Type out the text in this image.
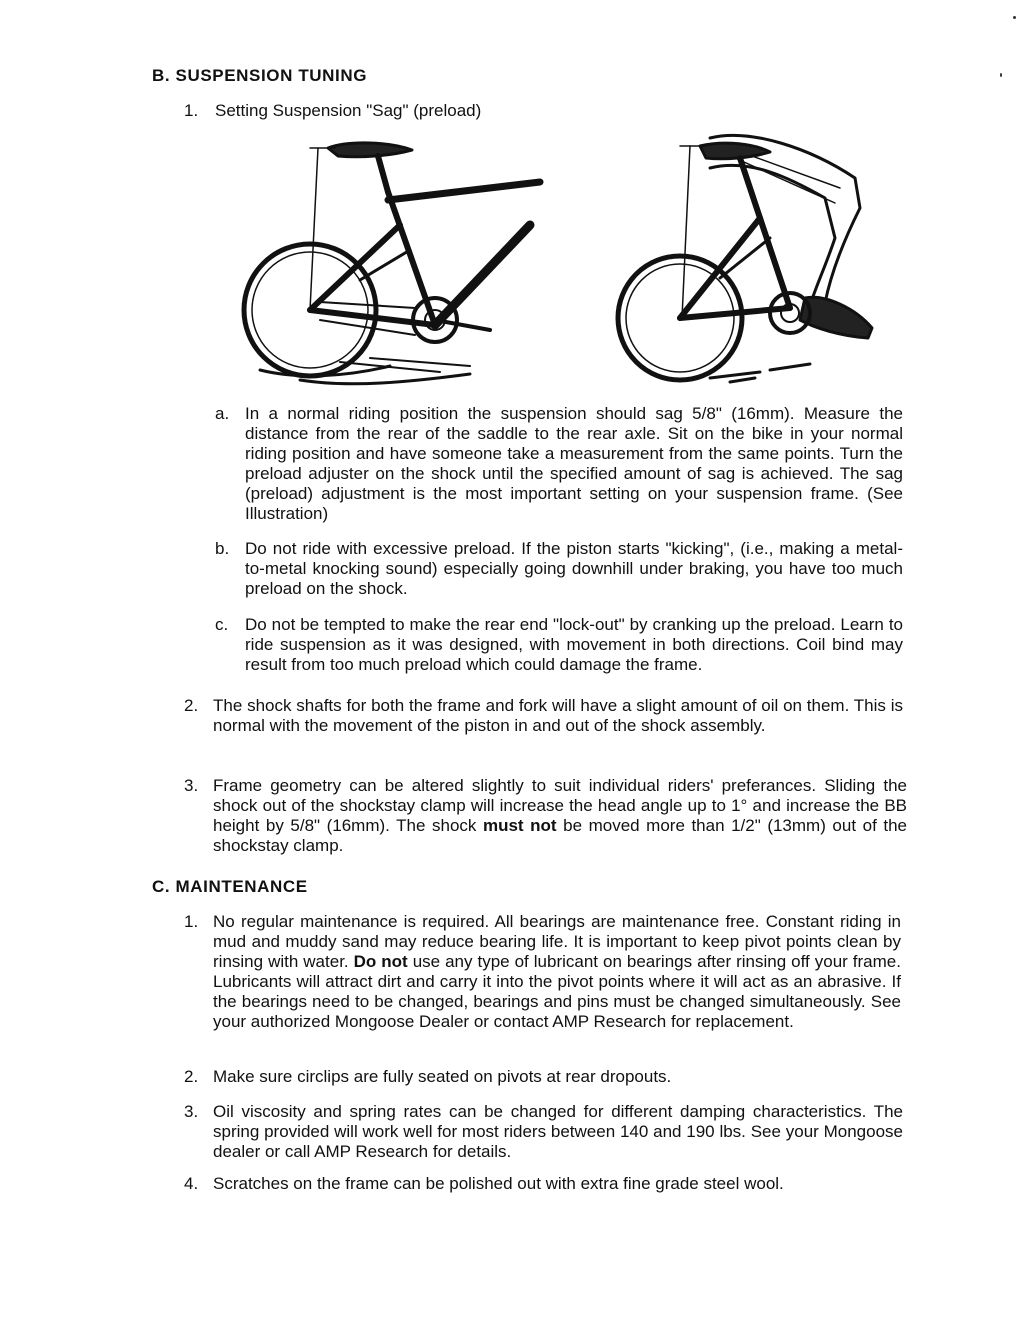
B. SUSPENSION TUNING
1. Setting Suspension "Sag" (preload)
a. In a normal riding position the suspension should sag 5/8" (16mm). Measure the distance from the rear of the saddle to the rear axle. Sit on the bike in your normal riding position and have someone take a measurement from the same points. Turn the preload adjuster on the shock until the specified amount of sag is achieved. The sag (preload) adjustment is the most important setting on your suspension frame. (See Illustration)

b. Do not ride with excessive preload. If the piston starts "kicking", (i.e., making a metal-to-metal knocking sound) especially going downhill under braking, you have too much preload on the shock.

c. Do not be tempted to make the rear end "lock-out" by cranking up the preload. Learn to ride suspension as it was designed, with movement in both directions. Coil bind may result from too much preload which could damage the frame.

2. The shock shafts for both the frame and fork will have a slight amount of oil on them. This is normal with the movement of the piston in and out of the shock assembly.

3. Frame geometry can be altered slightly to suit individual riders' preferances. Sliding the shock out of the shockstay clamp will increase the head angle up to 1° and increase the BB height by 5/8" (16mm). The shock must not be moved more than 1/2" (13mm) out of the shockstay clamp.

C. MAINTENANCE
1. No regular maintenance is required. All bearings are maintenance free. Constant riding in mud and muddy sand may reduce bearing life. It is important to keep pivot points clean by rinsing with water. Do not use any type of lubricant on bearings after rinsing off your frame. Lubricants will attract dirt and carry it into the pivot points where it will act as an abrasive. If the bearings need to be changed, bearings and pins must be changed simultaneously. See your authorized Mongoose Dealer or contact AMP Research for replacement.

2. Make sure circlips are fully seated on pivots at rear dropouts.

3. Oil viscosity and spring rates can be changed for different damping characteristics. The spring provided will work well for most riders between 140 and 190 lbs. See your Mongoose dealer or call AMP Research for details.

4. Scratches on the frame can be polished out with extra fine grade steel wool.
